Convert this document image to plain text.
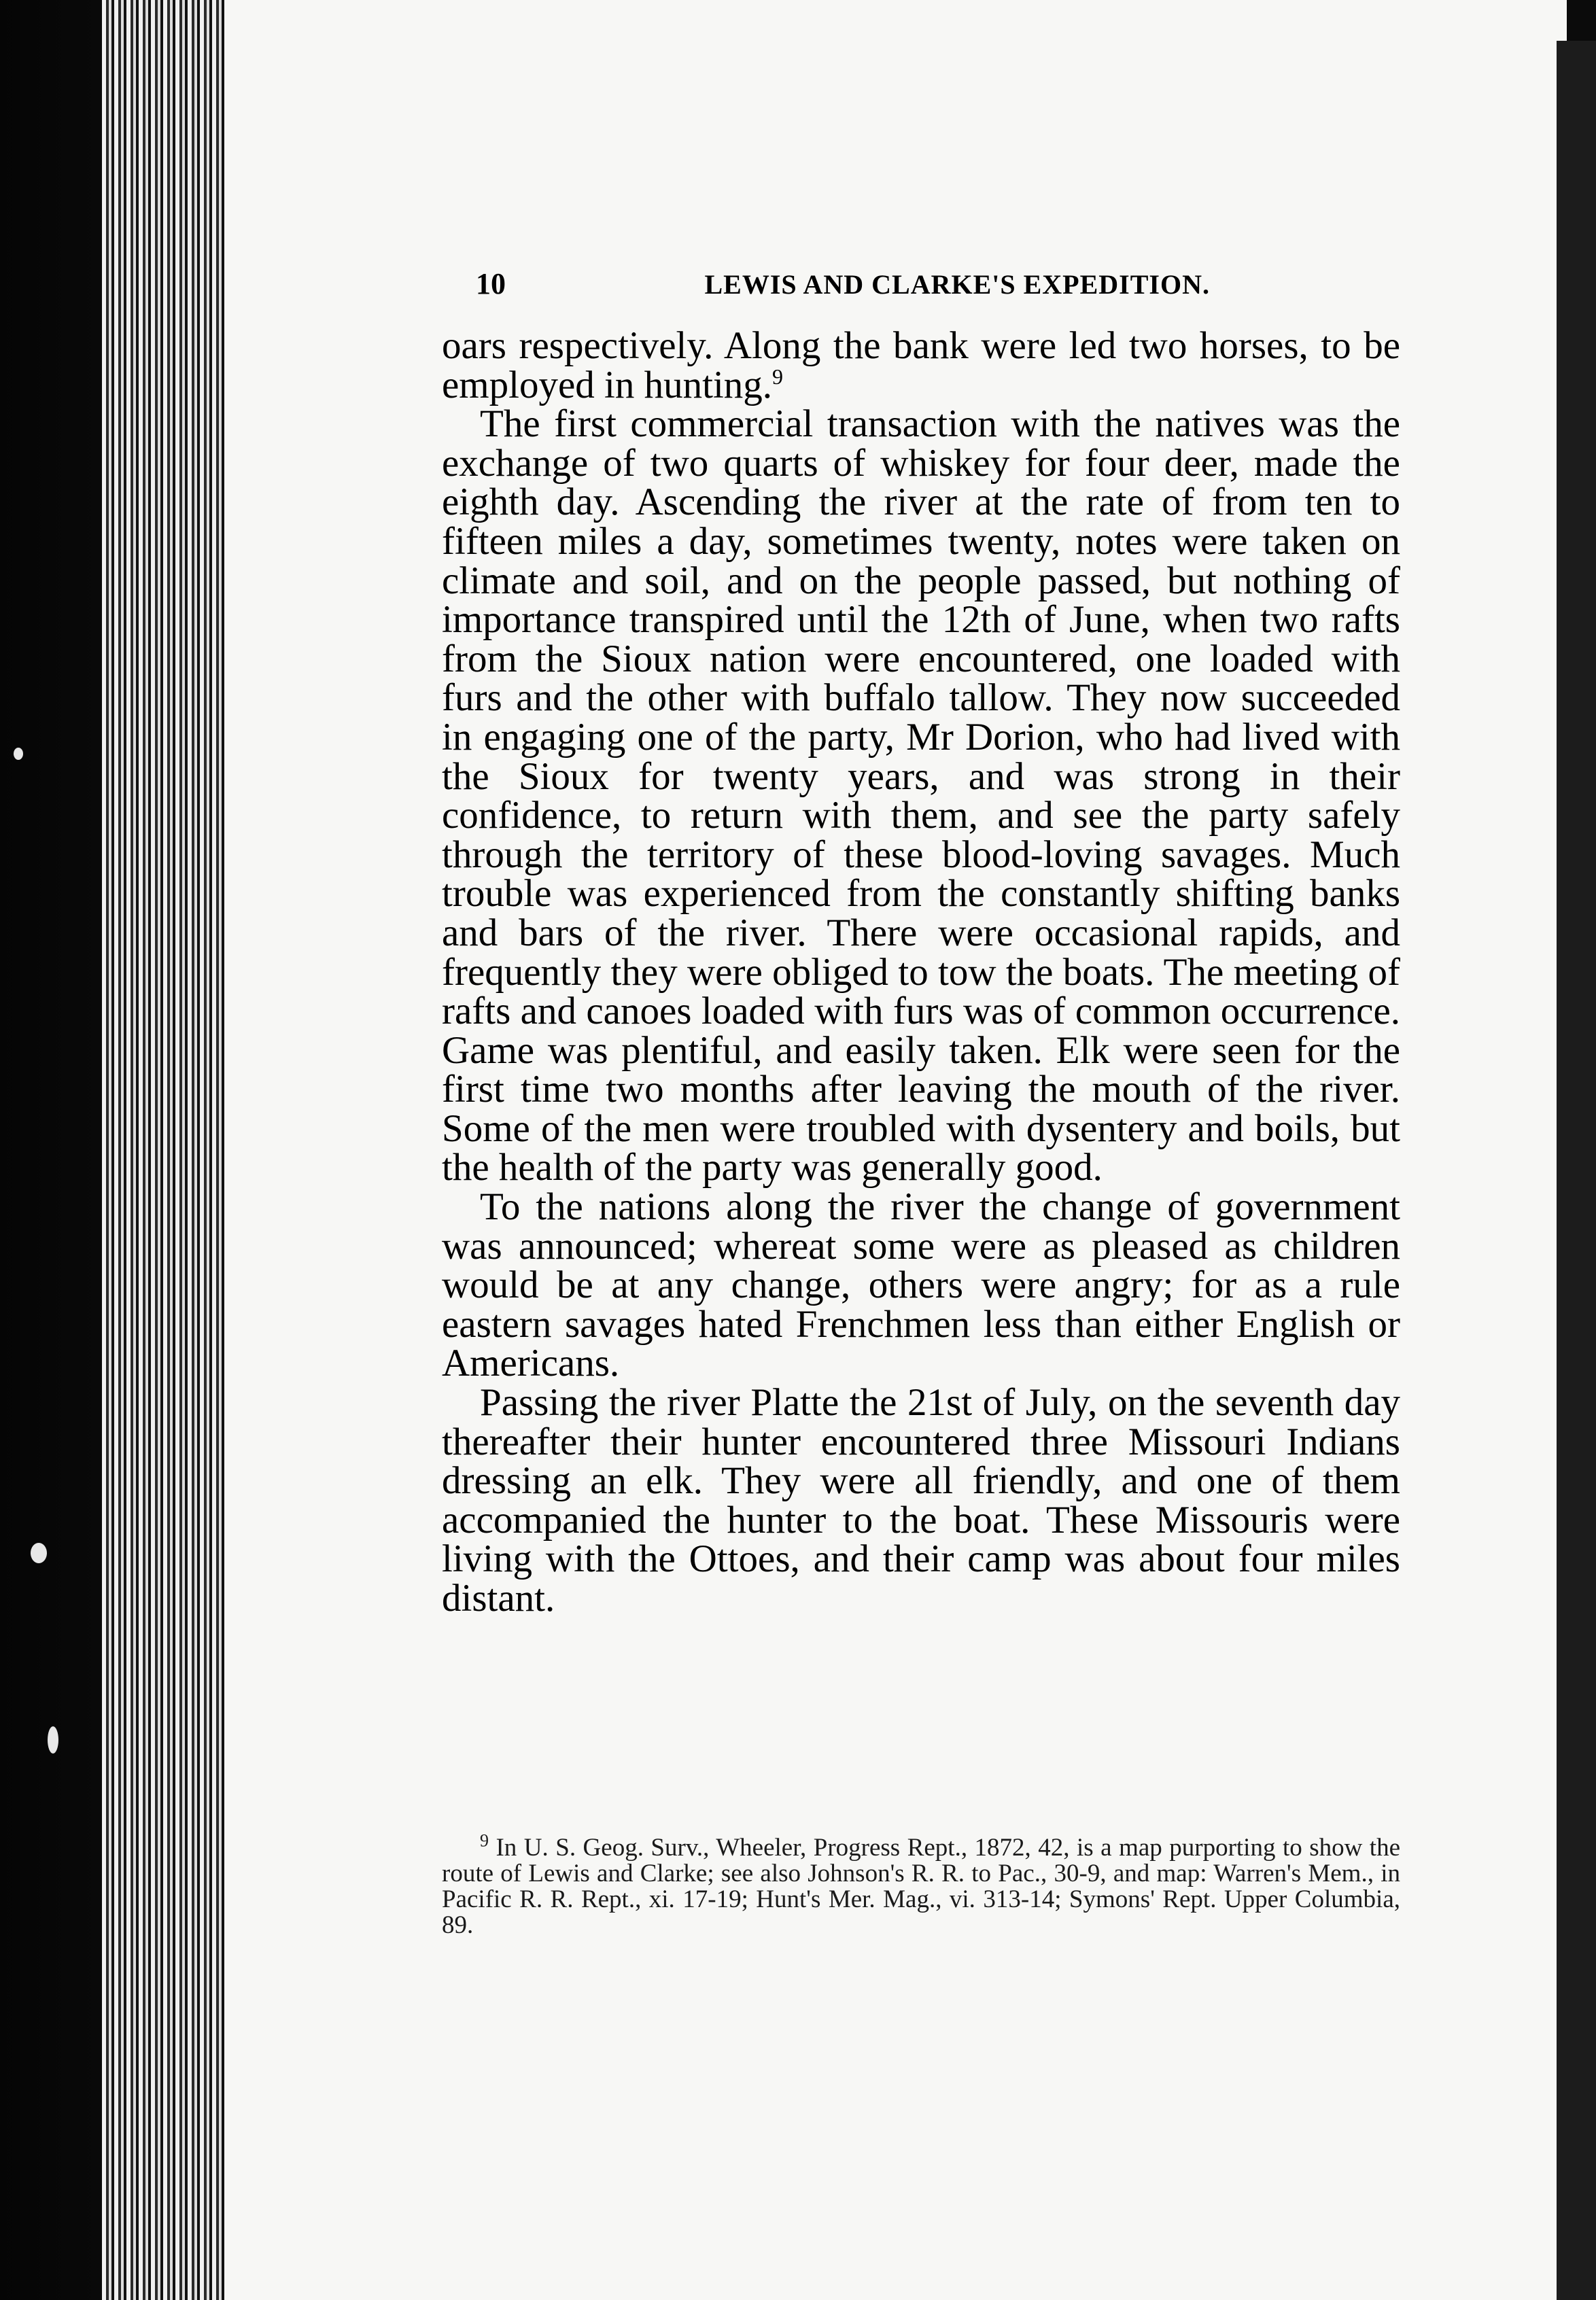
10	LEWIS AND CLARKE'S EXPEDITION.

oars respectively. Along the bank were led two horses, to be employed in hunting.$^9$

The first commercial transaction with the natives was the exchange of two quarts of whiskey for four deer, made the eighth day. Ascending the river at the rate of from ten to fifteen miles a day, sometimes twenty, notes were taken on climate and soil, and on the people passed, but nothing of importance transpired until the 12th of June, when two rafts from the Sioux nation were encountered, one loaded with furs and the other with buffalo tallow. They now succeeded in engaging one of the party, Mr Dorion, who had lived with the Sioux for twenty years, and was strong in their confidence, to return with them, and see the party safely through the territory of these blood-loving savages. Much trouble was experienced from the constantly shifting banks and bars of the river. There were occasional rapids, and frequently they were obliged to tow the boats. The meeting of rafts and canoes loaded with furs was of common occurrence. Game was plentiful, and easily taken. Elk were seen for the first time two months after leaving the mouth of the river. Some of the men were troubled with dysentery and boils, but the health of the party was generally good.

To the nations along the river the change of government was announced; whereat some were as pleased as children would be at any change, others were angry; for as a rule eastern savages hated Frenchmen less than either English or Americans.

Passing the river Platte the 21st of July, on the seventh day thereafter their hunter encountered three Missouri Indians dressing an elk. They were all friendly, and one of them accompanied the hunter to the boat. These Missouris were living with the Ottoes, and their camp was about four miles distant.

$^9$ In U. S. Geog. Surv., Wheeler, Progress Rept., 1872, 42, is a map purporting to show the route of Lewis and Clarke; see also Johnson's R. R. to Pac., 30-9, and map: Warren's Mem., in Pacific R. R. Rept., xi. 17-19; Hunt's Mer. Mag., vi. 313-14; Symons' Rept. Upper Columbia, 89.
